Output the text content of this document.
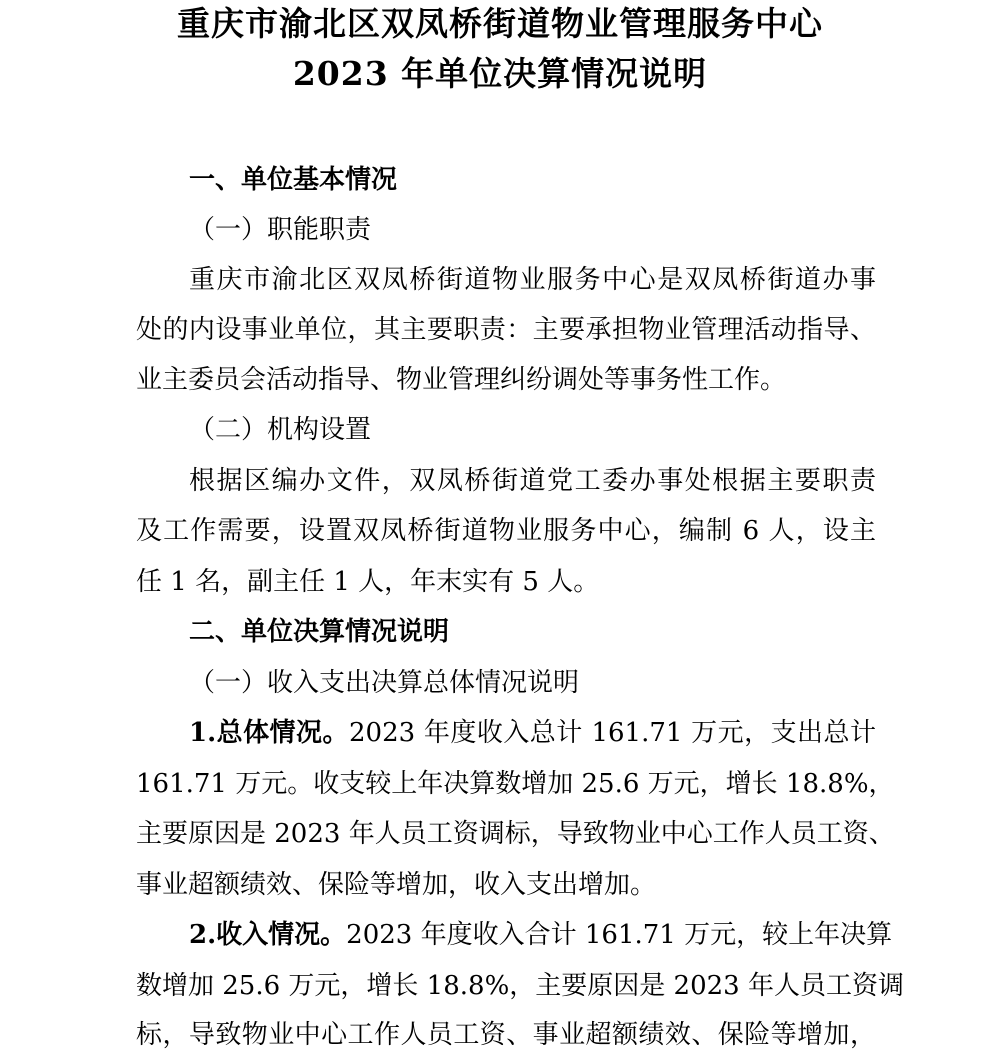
重庆市渝北区双凤桥街道物业管理服务中心
2023 年单位决算情况说明
一、单位基本情况
（一）职能职责
重庆市渝北区双凤桥街道物业服务中心是双凤桥街道办事
处的内设事业单位，其主要职责：主要承担物业管理活动指导、
业主委员会活动指导、物业管理纠纷调处等事务性工作。
（二）机构设置
根据区编办文件，双凤桥街道党工委办事处根据主要职责
及工作需要，设置双凤桥街道物业服务中心，编制 6 人，设主
任 1 名，副主任 1 人，年末实有 5 人。
二、单位决算情况说明
（一）收入支出决算总体情况说明
1.总体情况。2023 年度收入总计 161.71 万元，支出总计
161.71 万元。收支较上年决算数增加 25.6 万元，增长 18.8%，
主要原因是 2023 年人员工资调标，导致物业中心工作人员工资、
事业超额绩效、保险等增加，收入支出增加。
2.收入情况。2023 年度收入合计 161.71 万元，较上年决算
数增加 25.6 万元，增长 18.8%，主要原因是 2023 年人员工资调
标，导致物业中心工作人员工资、事业超额绩效、保险等增加，
